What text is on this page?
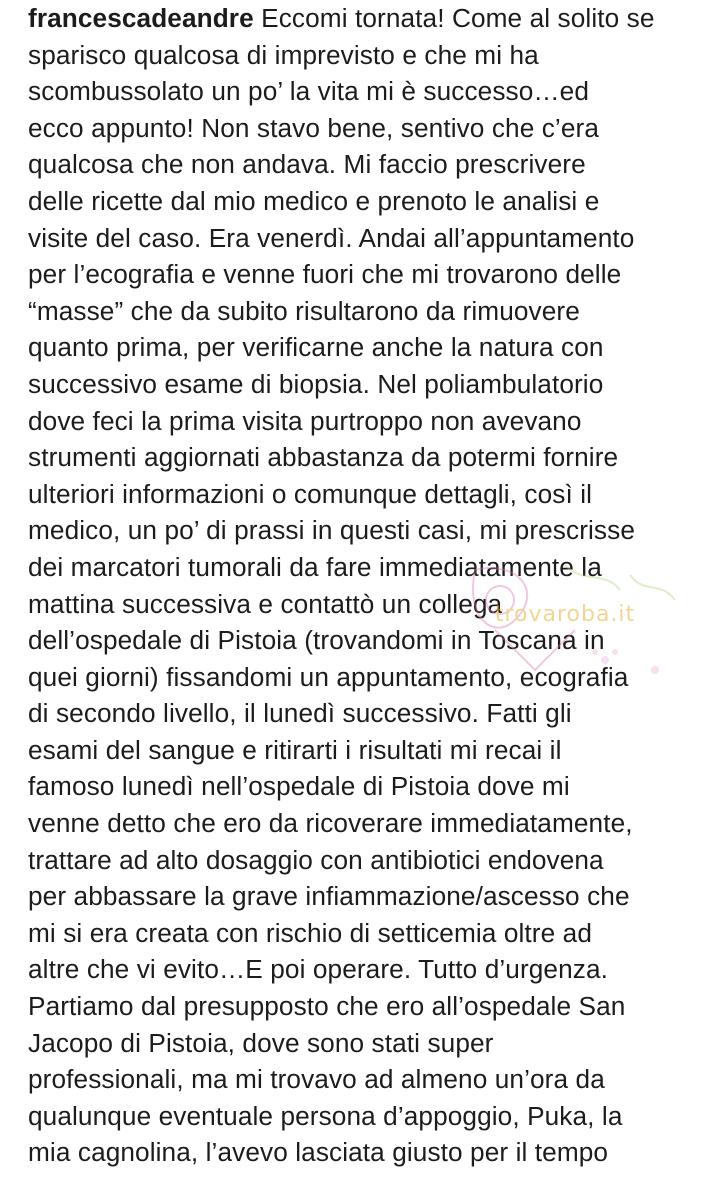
francescadeandre Eccomi tornata! Come al solito se
sparisco qualcosa di imprevisto e che mi ha
scombussolato un po’ la vita mi è successo…ed
ecco appunto! Non stavo bene, sentivo che c’era
qualcosa che non andava. Mi faccio prescrivere
delle ricette dal mio medico e prenoto le analisi e
visite del caso. Era venerdì. Andai all’appuntamento
per l’ecografia e venne fuori che mi trovarono delle
“masse” che da subito risultarono da rimuovere
quanto prima, per verificarne anche la natura con
successivo esame di biopsia. Nel poliambulatorio
dove feci la prima visita purtroppo non avevano
strumenti aggiornati abbastanza da potermi fornire
ulteriori informazioni o comunque dettagli, così il
medico, un po’ di prassi in questi casi, mi prescrisse
dei marcatori tumorali da fare immediatamente la
mattina successiva e contattò un collega
dell’ospedale di Pistoia (trovandomi in Toscana in
quei giorni) fissandomi un appuntamento, ecografia
di secondo livello, il lunedì successivo. Fatti gli
esami del sangue e ritirarti i risultati mi recai il
famoso lunedì nell’ospedale di Pistoia dove mi
venne detto che ero da ricoverare immediatamente,
trattare ad alto dosaggio con antibiotici endovena
per abbassare la grave infiammazione/ascesso che
mi si era creata con rischio di setticemia oltre ad
altre che vi evito…E poi operare. Tutto d’urgenza.
Partiamo dal presupposto che ero all’ospedale San
Jacopo di Pistoia, dove sono stati super
professionali, ma mi trovavo ad almeno un’ora da
qualunque eventuale persona d’appoggio, Puka, la
mia cagnolina, l’avevo lasciata giusto per il tempo
trovaroba.it
